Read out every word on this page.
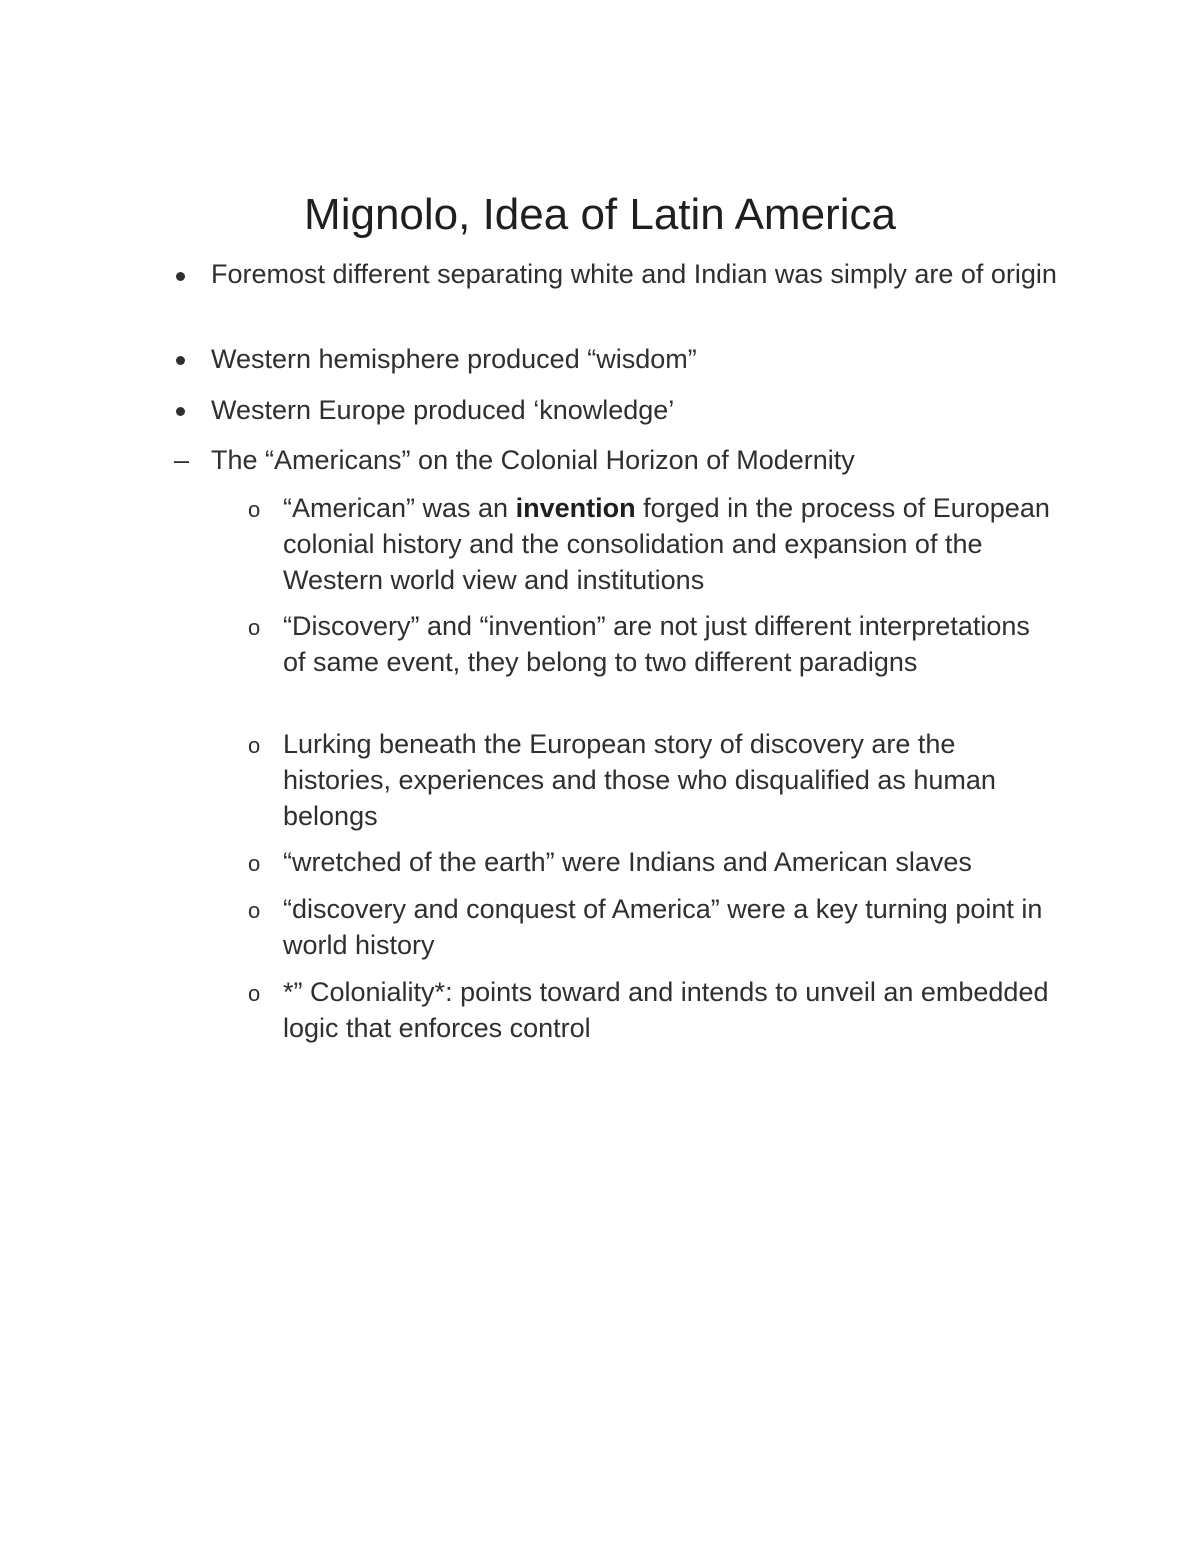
Mignolo, Idea of Latin America
Foremost different separating white and Indian was simply are of origin
Western hemisphere produced “wisdom”
Western Europe produced ‘knowledge’
– The “Americans” on the Colonial Horizon of Modernity
o “American” was an invention forged in the process of European colonial history and the consolidation and expansion of the Western world view and institutions
o “Discovery” and “invention” are not just different interpretations of same event, they belong to two different paradigns
o Lurking beneath the European story of discovery are the histories, experiences and those who disqualified as human belongs
o “wretched of the earth” were Indians and American slaves
o “discovery and conquest of America” were a key turning point in world history
o *” Coloniality*: points toward and intends to unveil an embedded logic that enforces control
